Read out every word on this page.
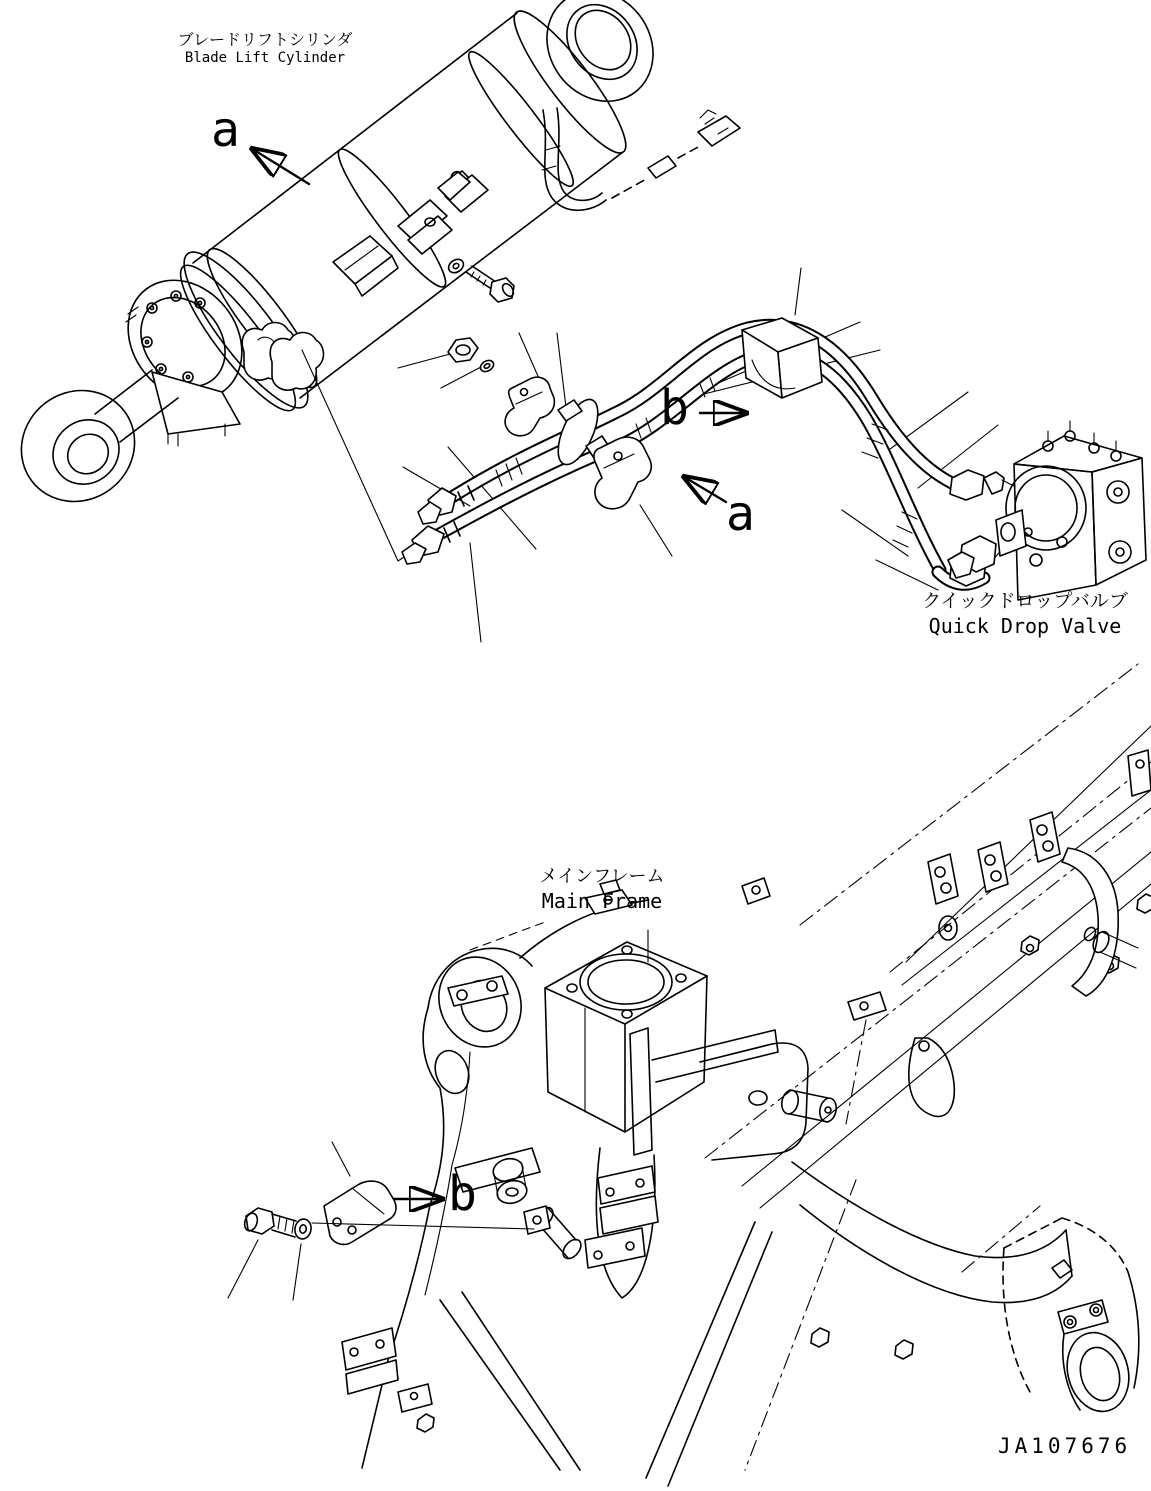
ブレードリフトシリンダ
Blade Lift Cylinder
クイックドロップバルブ
Quick Drop Valve
メインフレーム
Main Frame
a
b
a
b
JA107676
